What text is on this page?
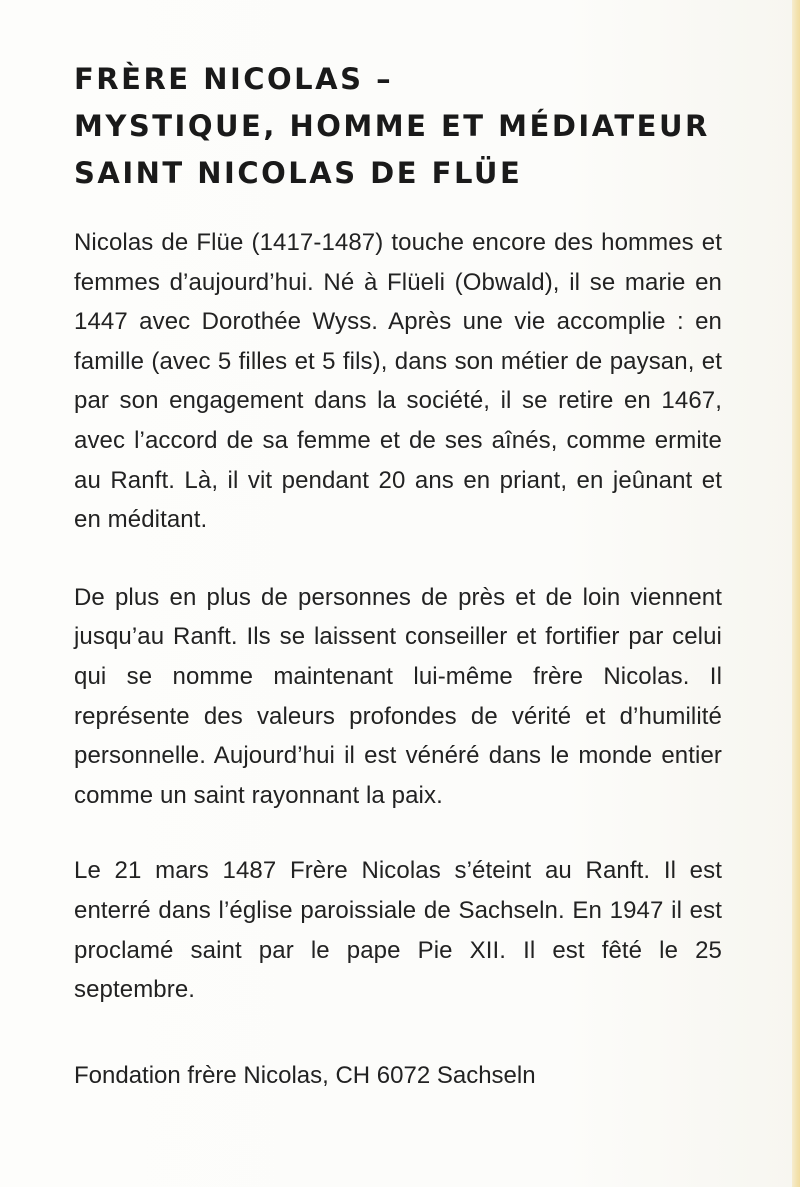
FRÈRE NICOLAS –
MYSTIQUE, HOMME ET MÉDIATEUR
SAINT NICOLAS DE FLÜE

Nicolas de Flüe (1417-1487) touche encore des hommes et femmes d’aujourd’hui. Né à Flüeli (Obwald), il se marie en 1447 avec Dorothée Wyss. Après une vie accomplie : en famille (avec 5 filles et 5 fils), dans son métier de paysan, et par son engagement dans la société, il se retire en 1467, avec l’accord de sa femme et de ses aînés, comme ermite au Ranft. Là, il vit pendant 20 ans en priant, en jeûnant et en méditant.

De plus en plus de personnes de près et de loin viennent jusqu’au Ranft. Ils se laissent conseiller et fortifier par celui qui se nomme maintenant lui-même frère Nicolas. Il représente des valeurs profondes de vérité et d’humilité personnelle. Aujourd’hui il est vénéré dans le monde entier comme un saint rayonnant la paix.

Le 21 mars 1487 Frère Nicolas s’éteint au Ranft. Il est enterré dans l’église paroissiale de Sachseln. En 1947 il est proclamé saint par le pape Pie XII. Il est fêté le 25 septembre.

Fondation frère Nicolas, CH 6072 Sachseln
